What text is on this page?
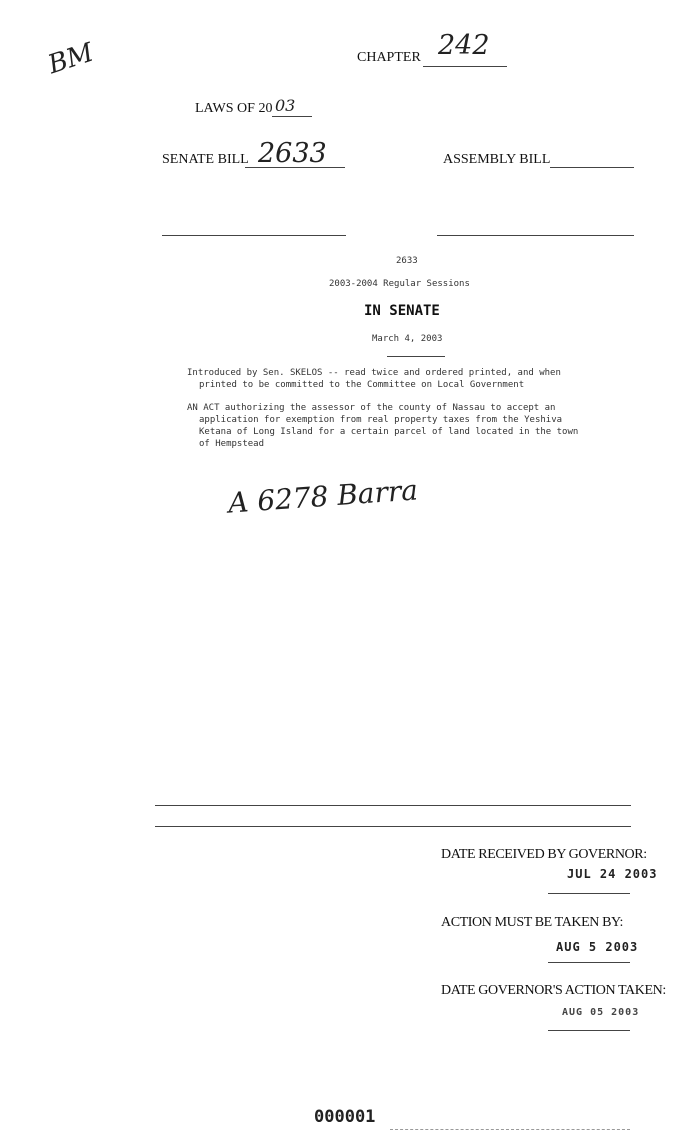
BM	CHAPTER 242
LAWS OF 20 03
SENATE BILL 2633	ASSEMBLY BILL
2633
2003-2004 Regular Sessions
IN SENATE
March 4, 2003
Introduced by Sen. SKELOS -- read twice and ordered printed, and when
printed to be committed to the Committee on Local Government
AN ACT authorizing the assessor of the county of Nassau to accept an
application for exemption from real property taxes from the Yeshiva
Ketana of Long Island for a certain parcel of land located in the town
of Hempstead
A 6278 Barra
DATE RECEIVED BY GOVERNOR:
JUL 24 2003
ACTION MUST BE TAKEN BY:
AUG 5 2003
DATE GOVERNOR'S ACTION TAKEN:
AUG 05 2003
000001
